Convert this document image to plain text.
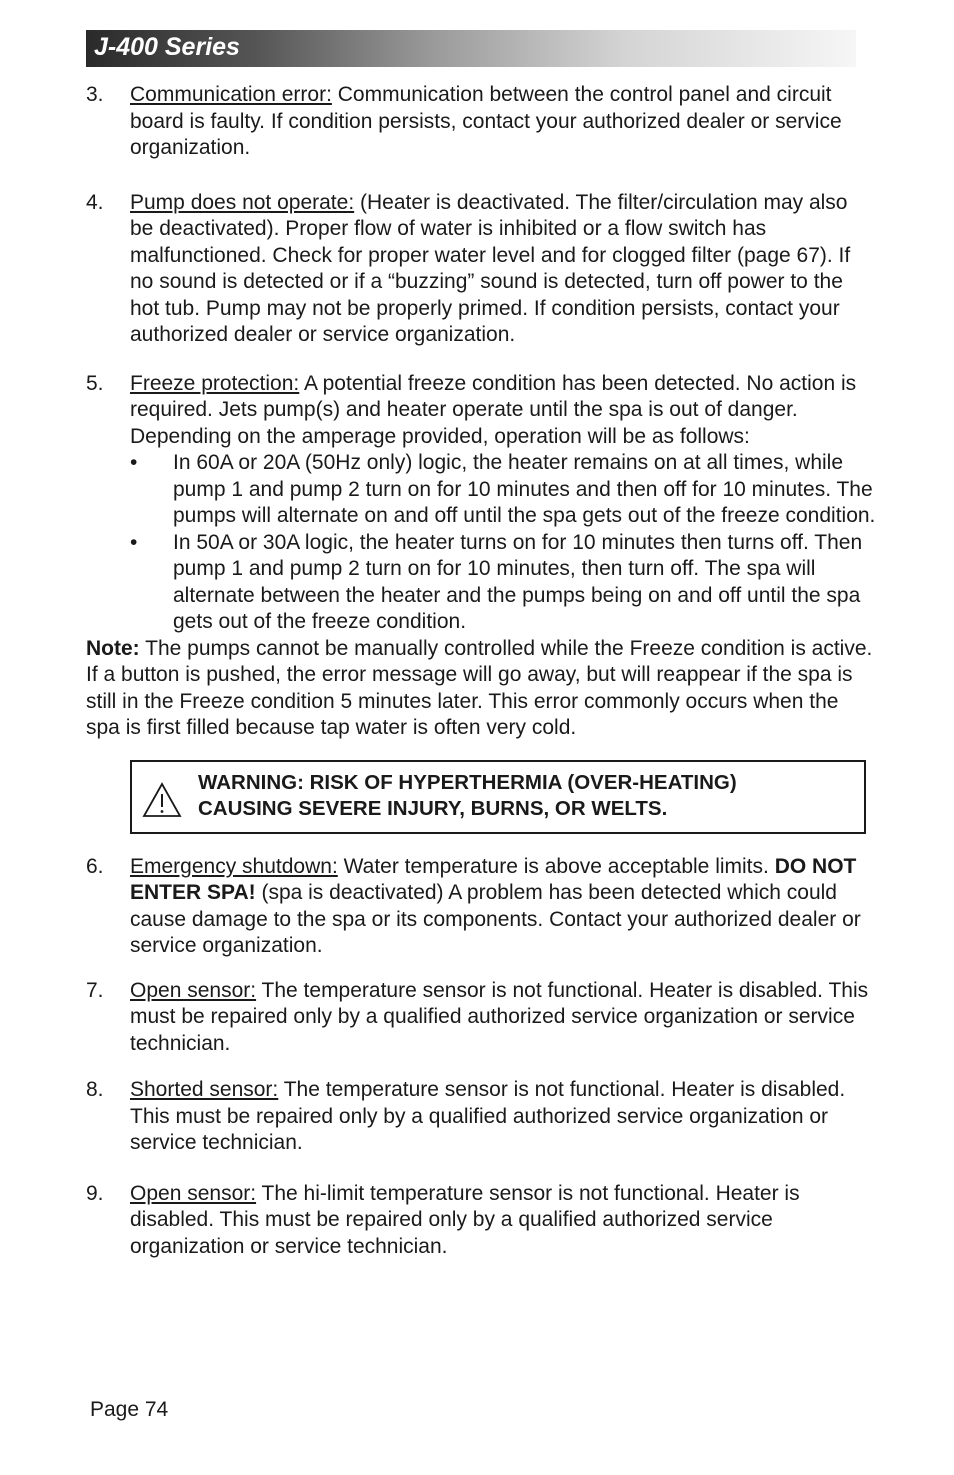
J-400 Series
3. Communication error: Communication between the control panel and circuit board is faulty. If condition persists, contact your authorized dealer or service organization.
4. Pump does not operate: (Heater is deactivated. The filter/circulation may also be deactivated). Proper flow of water is inhibited or a flow switch has malfunctioned. Check for proper water level and for clogged filter (page 67). If no sound is detected or if a “buzzing” sound is detected, turn off power to the hot tub. Pump may not be properly primed. If condition persists, contact your authorized dealer or service organization.
5. Freeze protection: A potential freeze condition has been detected. No action is required. Jets pump(s) and heater operate until the spa is out of danger. Depending on the amperage provided, operation will be as follows:
• In 60A or 20A (50Hz only) logic, the heater remains on at all times, while pump 1 and pump 2 turn on for 10 minutes and then off for 10 minutes. The pumps will alternate on and off until the spa gets out of the freeze condition.
• In 50A or 30A logic, the heater turns on for 10 minutes then turns off. Then pump 1 and pump 2 turn on for 10 minutes, then turn off. The spa will alternate between the heater and the pumps being on and off until the spa gets out of the freeze condition.
Note: The pumps cannot be manually controlled while the Freeze condition is active. If a button is pushed, the error message will go away, but will reappear if the spa is still in the Freeze condition 5 minutes later. This error commonly occurs when the spa is first filled because tap water is often very cold.
WARNING: RISK OF HYPERTHERMIA (OVER-HEATING)
CAUSING SEVERE INJURY, BURNS, OR WELTS.
6. Emergency shutdown: Water temperature is above acceptable limits. DO NOT ENTER SPA! (spa is deactivated) A problem has been detected which could cause damage to the spa or its components. Contact your authorized dealer or service organization.
7. Open sensor: The temperature sensor is not functional. Heater is disabled. This must be repaired only by a qualified authorized service organization or service technician.
8. Shorted sensor: The temperature sensor is not functional. Heater is disabled. This must be repaired only by a qualified authorized service organization or service technician.
9. Open sensor: The hi-limit temperature sensor is not functional. Heater is disabled. This must be repaired only by a qualified authorized service organization or service technician.
Page 74
